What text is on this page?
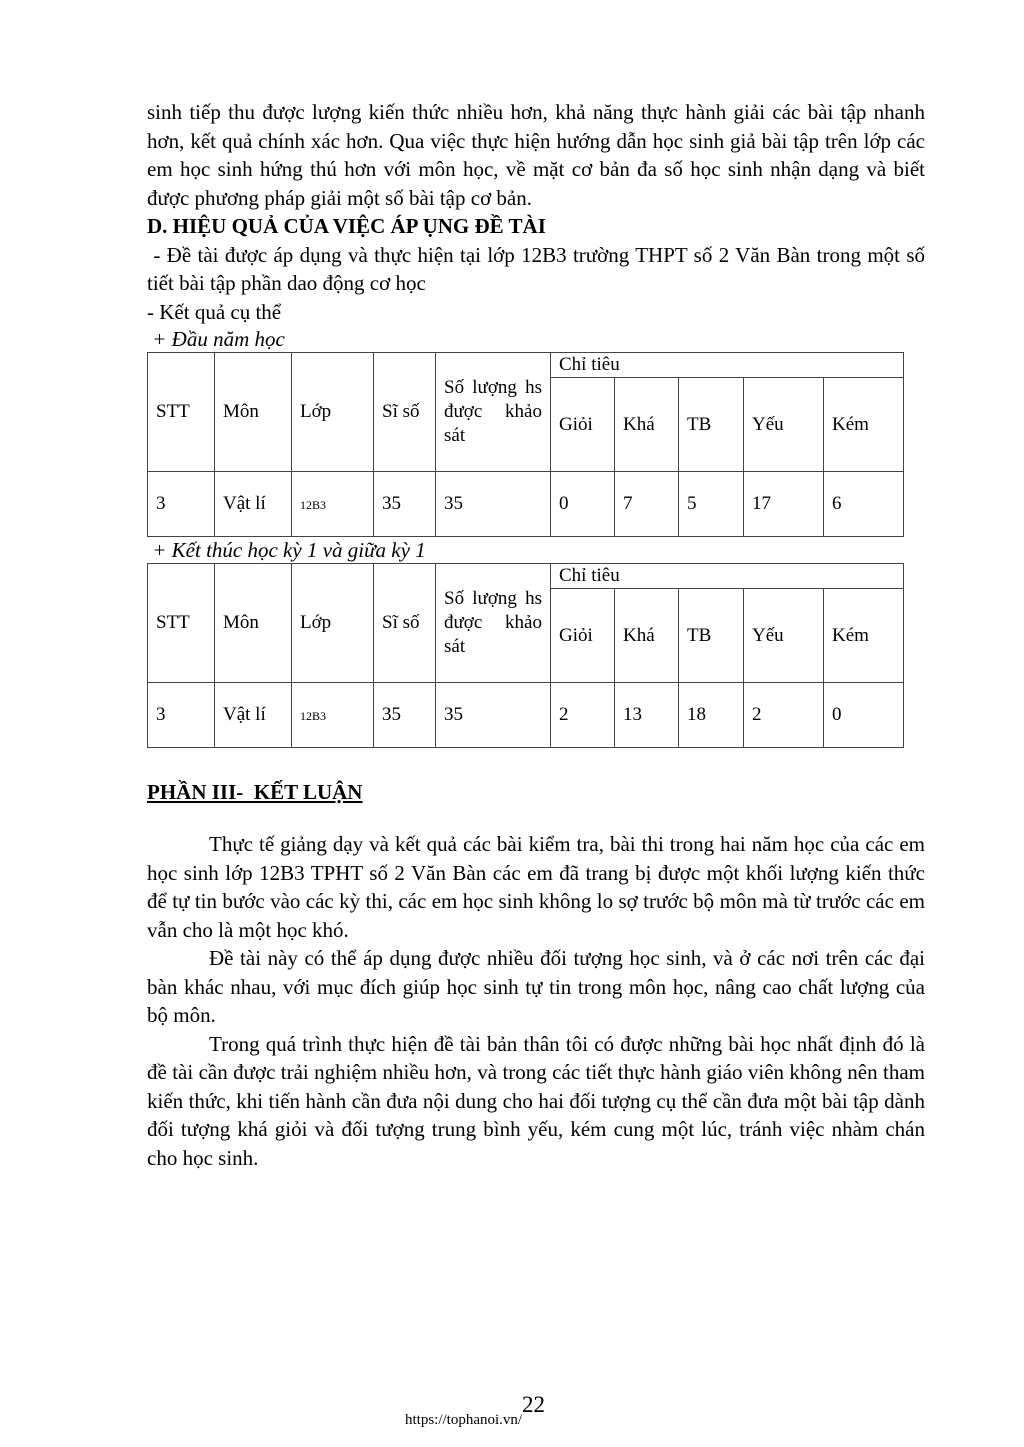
sinh tiếp thu được lượng kiến thức nhiều hơn, khả năng thực hành giải các bài tập nhanh hơn, kết quả chính xác hơn. Qua việc thực hiện hướng dẫn học sinh giả bài tập trên lớp các em học sinh hứng thú hơn với môn học, về mặt cơ bản đa số học sinh nhận dạng và biết được phương pháp giải một số bài tập cơ bản.

D. HIỆU QUẢ CỦA VIỆC ÁP ỤNG ĐỀ TÀI

- Đề tài được áp dụng và thực hiện tại lớp 12B3 trường THPT số 2 Văn Bàn trong một số tiết bài tập phần dao động cơ học

- Kết quả cụ thể

+ Đầu năm học

STT	Môn	Lớp	Sĩ số	Số lượng hs được khảo sát	Chỉ tiêu				
					Giỏi	Khá	TB	Yếu	Kém
3	Vật lí	12B3	35	35	0	7	5	17	6

+ Kết thúc học kỳ 1 và giữa kỳ 1

STT	Môn	Lớp	Sĩ số	Số lượng hs được khảo sát	Chỉ tiêu				
					Giỏi	Khá	TB	Yếu	Kém
3	Vật lí	12B3	35	35	2	13	18	2	0

PHẦN III-  KẾT LUẬN

Thực tế giảng dạy và kết quả các bài kiểm tra, bài thi trong hai năm học của các em học sinh lớp 12B3 TPHT số 2 Văn Bàn các em đã trang bị được một khối lượng kiến thức để tự tin bước vào các kỳ thi, các em học sinh không lo sợ trước bộ môn mà từ trước các em vẫn cho là một học khó.

Đề tài này có thể áp dụng được nhiều đối tượng học sinh, và ở các nơi trên các đại bàn khác nhau, với mục đích giúp học sinh tự tin trong môn học, nâng cao chất lượng của bộ môn.

Trong quá trình thực hiện đề tài bản thân tôi có được những bài học nhất định đó là đề tài cần được trải nghiệm nhiều hơn, và trong các tiết thực hành giáo viên không nên tham kiến thức, khi tiến hành cần đưa nội dung cho hai đối tượng cụ thể cần đưa một bài tập dành đối tượng khá giỏi và đối tượng trung bình yếu, kém cung một lúc, tránh việc nhàm chán cho học sinh.

22
https://tophanoi.vn/
